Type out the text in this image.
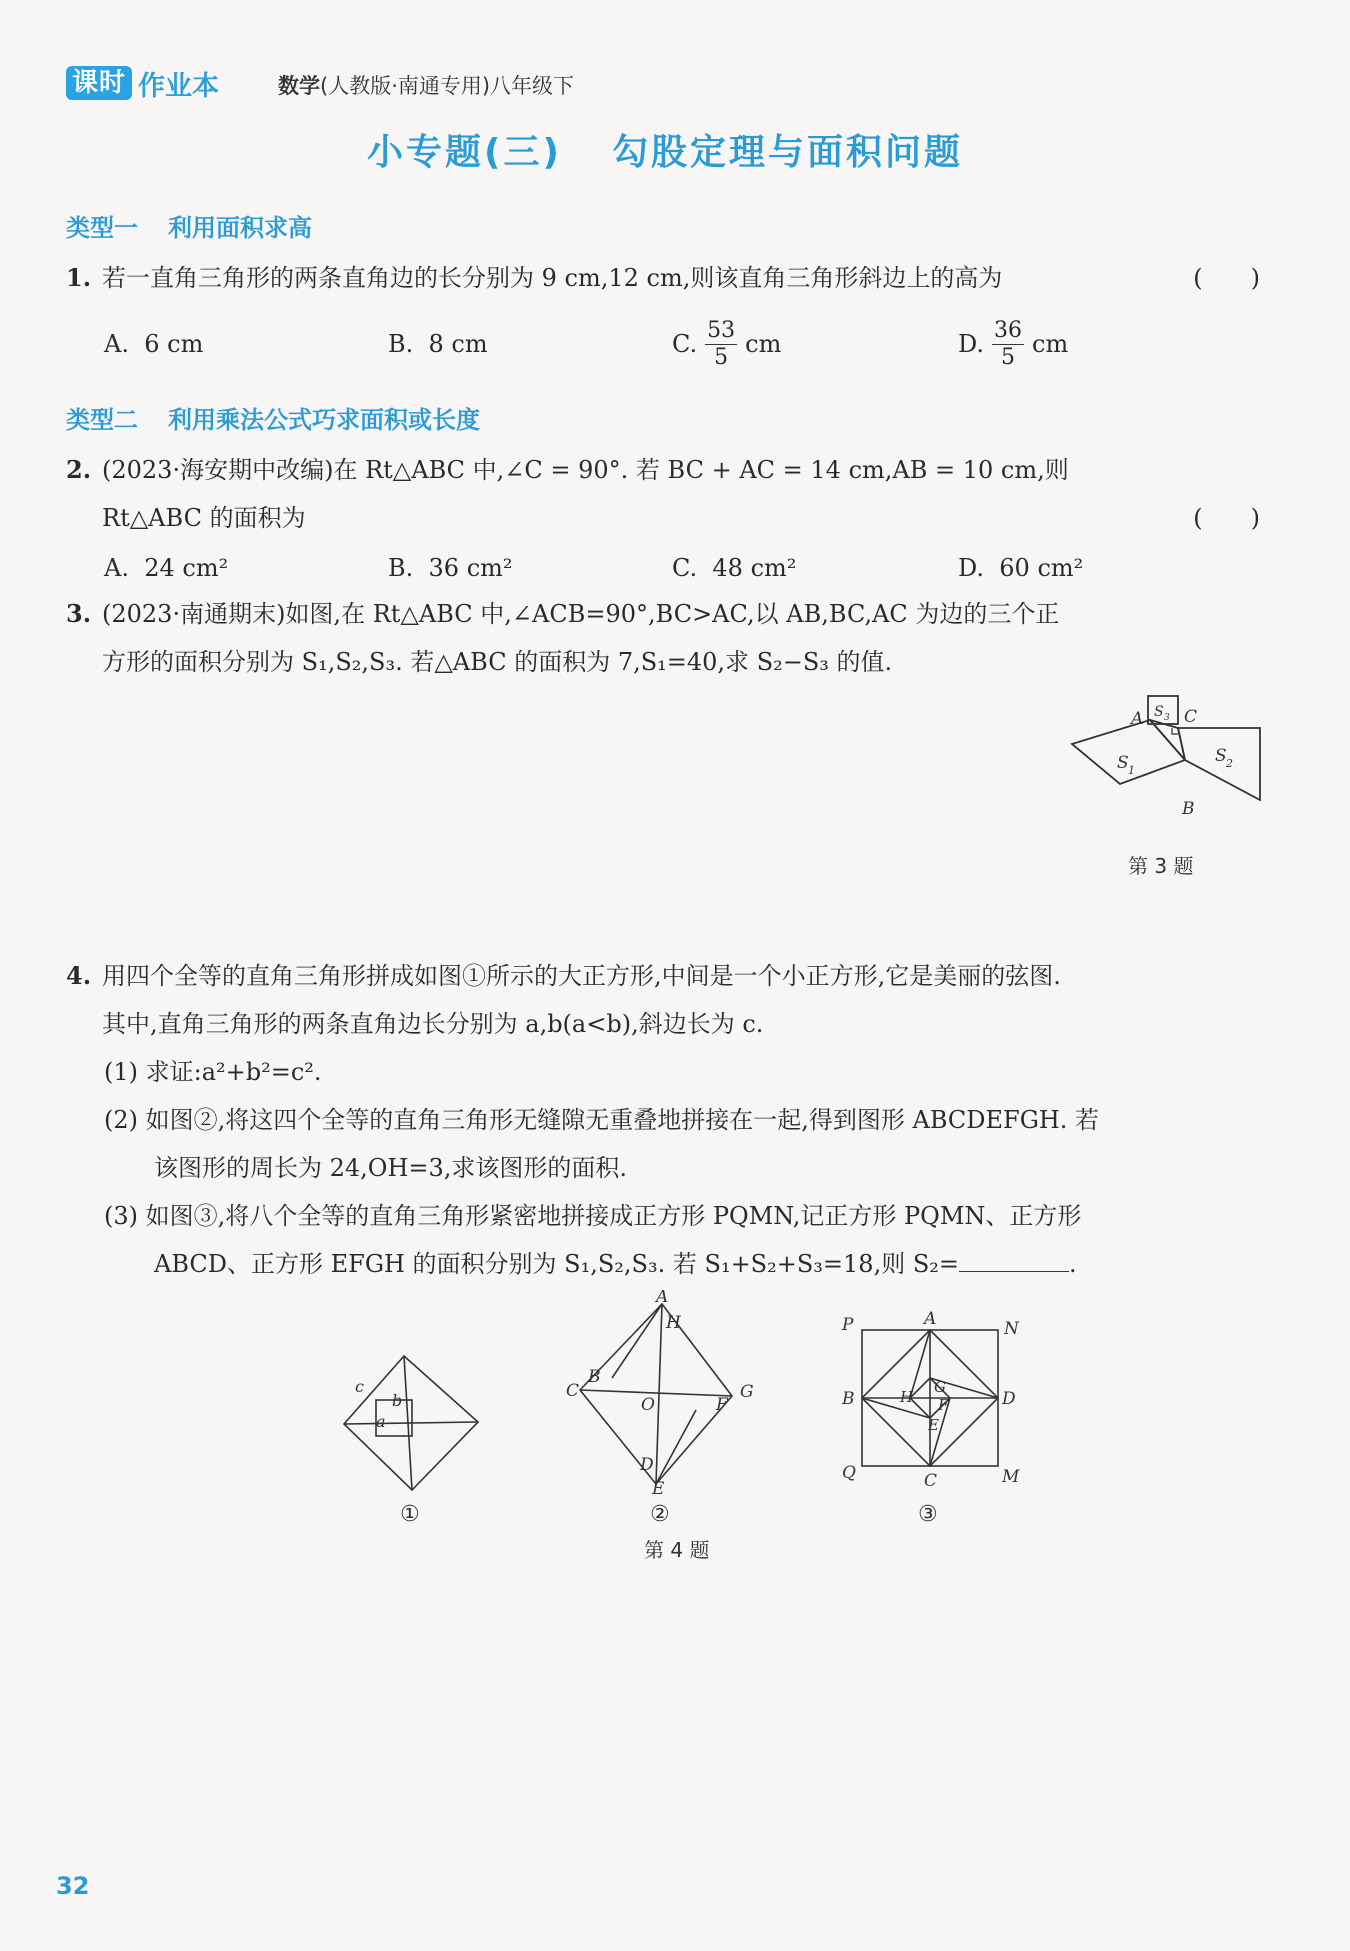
课时 作业本	数学(人教版·南通专用)八年级下
小专题(三) 勾股定理与面积问题
类型一 利用面积求高
1. 若一直角三角形的两条直角边的长分别为 9 cm,12 cm,则该直角三角形斜边上的高为	(　　)
A.
6 cm	B.
8 cm	C. $\frac{53}{5}$ cm	D. $\frac{36}{5}$ cm
类型二 利用乘法公式巧求面积或长度
2. (2023·海安期中改编)在 Rt△ABC 中,∠C = 90°. 若 BC + AC = 14 cm,AB = 10 cm,则
Rt△ABC 的面积为	(　　)
A.
24 cm²	B.
36 cm²	C.
48 cm²	D.
60 cm²
3. (2023·南通期末)如图,在 Rt△ABC 中,∠ACB=90°,BC>AC,以 AB,BC,AC 为边的三个正
方形的面积分别为 S₁,S₂,S₃. 若△ABC 的面积为 7,S₁=40,求 S₂−S₃ 的值.
A C
B
S 1
S 2
S 3
第 3 题
4. 用四个全等的直角三角形拼成如图①所示的大正方形,中间是一个小正方形,它是美丽的弦图.
其中,直角三角形的两条直角边长分别为 a,b(a<b),斜边长为 c.
(1) 求证:a²+b²=c².
(2) 如图②,将这四个全等的直角三角形无缝隙无重叠地拼接在一起,得到图形 ABCDEFGH. 若
该图形的周长为 24,OH=3,求该图形的面积.
(3) 如图③,将八个全等的直角三角形紧密地拼接成正方形 PQMN,记正方形 PQMN、正方形
ABCD、正方形 EFGH 的面积分别为 S₁,S₂,S₃. 若 S₁+S₂+S₃=18,则 S₂=	.
c
b
a
①
A
H
B
C
O	F
G
D
E
②
P	N
Q	M
A
B
C
D
E
F
G
H
③
第 4 题
32
